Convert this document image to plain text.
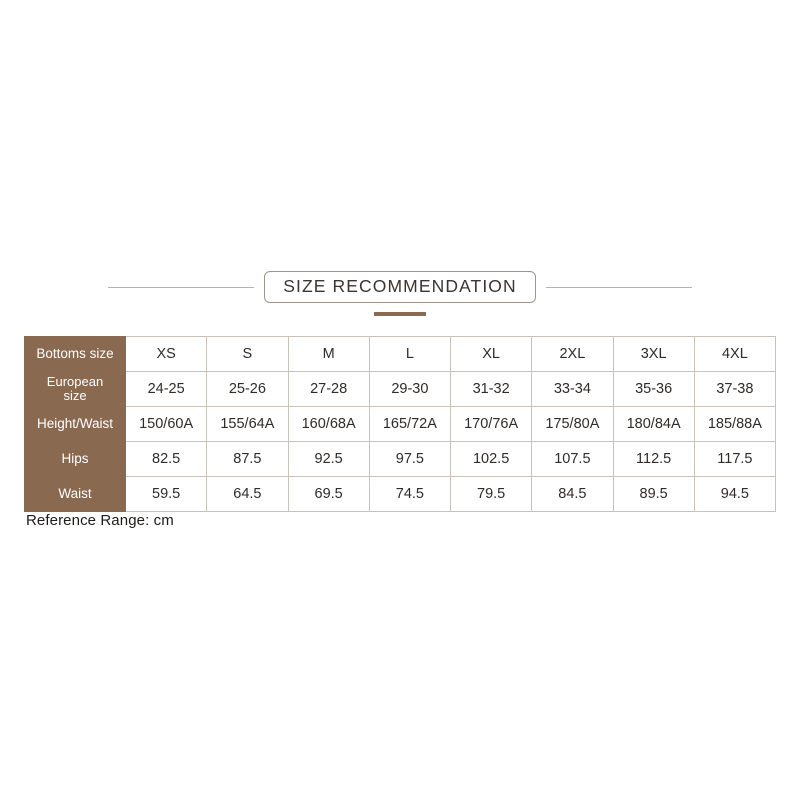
SIZE RECOMMENDATION
Bottoms size	XS	S	M	L	XL	2XL	3XL	4XL
European
size	24-25	25-26	27-28	29-30	31-32	33-34	35-36	37-38
Height/Waist	150/60A	155/64A	160/68A	165/72A	170/76A	175/80A	180/84A	185/88A
Hips	82.5	87.5	92.5	97.5	102.5	107.5	112.5	117.5
Waist	59.5	64.5	69.5	74.5	79.5	84.5	89.5	94.5
Reference Range: cm
